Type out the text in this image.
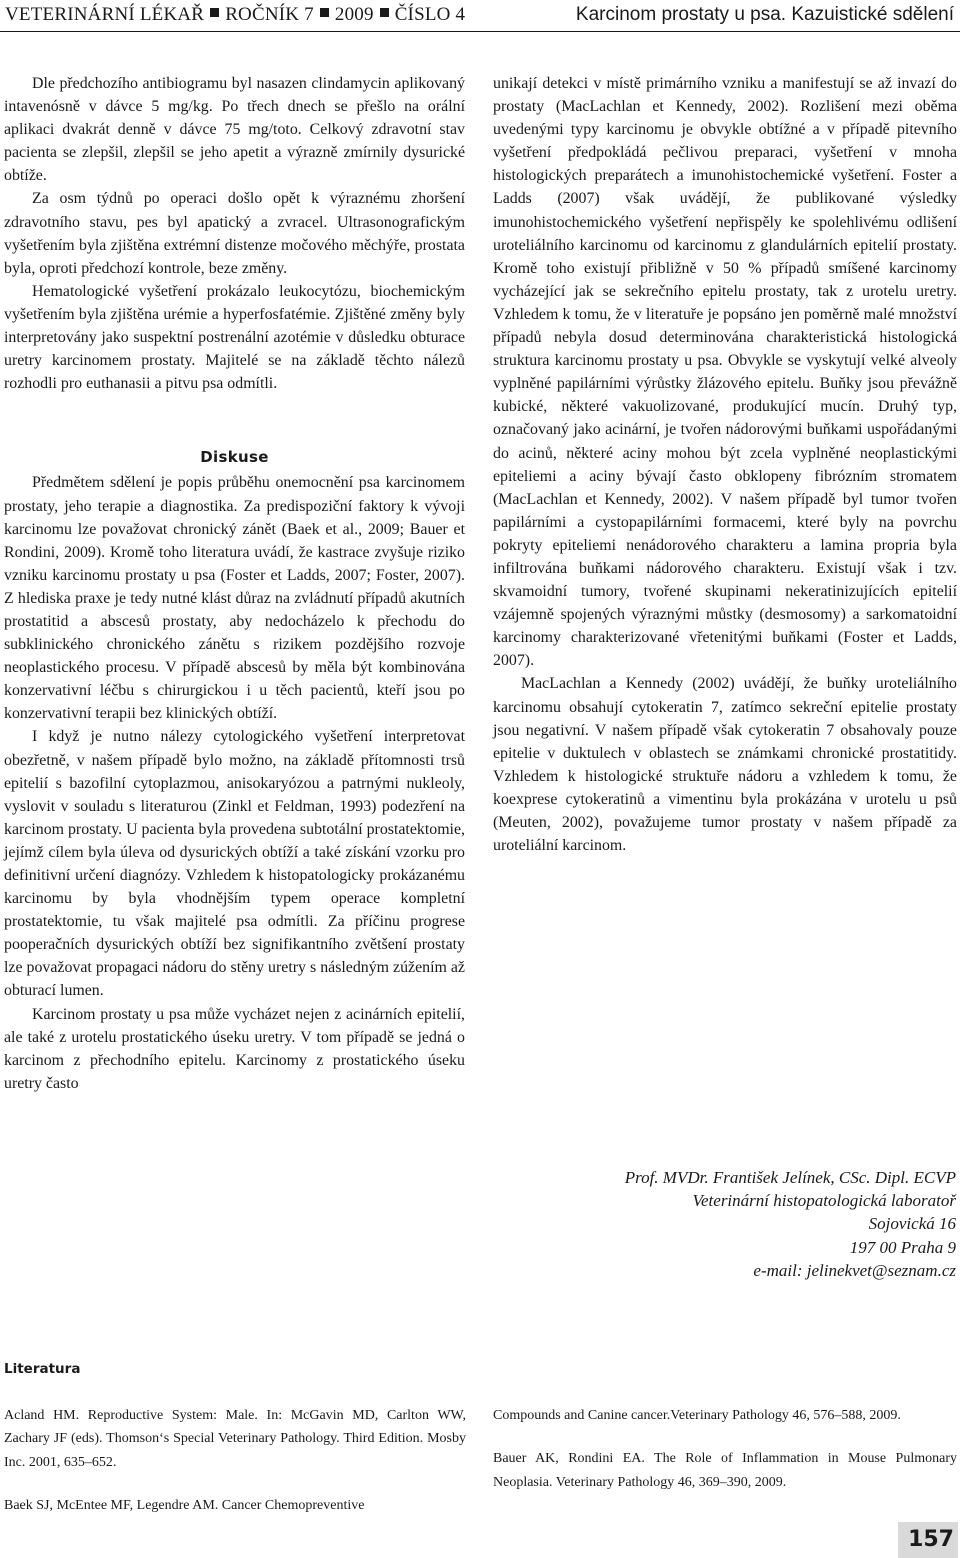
VETERINÁRNÍ LÉKAŘ ROČNÍK 7 2009 ČÍSLO 4	Karcinom prostaty u psa. Kazuistické sdělení

Dle předchozího antibiogramu byl nasazen clindamycin aplikovaný intavenósně v dávce 5 mg/kg. Po třech dnech se přešlo na orální aplikaci dvakrát denně v dávce 75 mg/toto. Celkový zdravotní stav pacienta se zlepšil, zlepšil se jeho apetit a výrazně zmírnily dysurické obtíže.

Za osm týdnů po operaci došlo opět k výraznému zhoršení zdravotního stavu, pes byl apatický a zvracel. Ultrasonografickým vyšetřením byla zjištěna extrémní distenze močového měchýře, prostata byla, oproti předchozí kontrole, beze změny.

Hematologické vyšetření prokázalo leukocytózu, biochemickým vyšetřením byla zjištěna urémie a hyperfosfatémie. Zjištěné změny byly interpretovány jako suspektní postrenální azotémie v důsledku obturace uretry karcinomem prostaty. Majitelé se na základě těchto nálezů rozhodli pro euthanasii a pitvu psa odmítli.

Diskuse

Předmětem sdělení je popis průběhu onemocnění psa karcinomem prostaty, jeho terapie a diagnostika. Za predispoziční faktory k vývoji karcinomu lze považovat chronický zánět (Baek et al., 2009; Bauer et Rondini, 2009). Kromě toho literatura uvádí, že kastrace zvyšuje riziko vzniku karcinomu prostaty u psa (Foster et Ladds, 2007; Foster, 2007). Z hlediska praxe je tedy nutné klást důraz na zvládnutí případů akutních prostatitid a abscesů prostaty, aby nedocházelo k přechodu do subklinického chronického zánětu s rizikem pozdějšího rozvoje neoplastického procesu. V případě abscesů by měla být kombinována konzervativní léčbu s chirurgickou i u těch pacientů, kteří jsou po konzervativní terapii bez klinických obtíží.

I když je nutno nálezy cytologického vyšetření interpretovat obezřetně, v našem případě bylo možno, na základě přítomnosti trsů epitelií s bazofilní cytoplazmou, anisokaryózou a patrnými nukleoly, vyslovit v souladu s literaturou (Zinkl et Feldman, 1993) podezření na karcinom prostaty. U pacienta byla provedena subtotální prostatektomie, jejímž cílem byla úleva od dysurických obtíží a také získání vzorku pro definitivní určení diagnózy. Vzhledem k histopatologicky prokázanému karcinomu by byla vhodnějším typem operace kompletní prostatektomie, tu však majitelé psa odmítli. Za příčinu progrese pooperačních dysurických obtíží bez signifikantního zvětšení prostaty lze považovat propagaci nádoru do stěny uretry s následným zúžením až obturací lumen.

Karcinom prostaty u psa může vycházet nejen z acinárních epitelií, ale také z urotelu prostatického úseku uretry. V tom případě se jedná o karcinom z přechodního epitelu. Karcinomy z prostatického úseku uretry často

unikají detekci v místě primárního vzniku a manifestují se až invazí do prostaty (MacLachlan et Kennedy, 2002). Rozlišení mezi oběma uvedenými typy karcinomu je obvykle obtížné a v případě pitevního vyšetření předpokládá pečlivou preparaci, vyšetření v mnoha histologických preparátech a imunohistochemické vyšetření. Foster a Ladds (2007) však uvádějí, že publikované výsledky imunohistochemického vyšetření nepřispěly ke spolehlivému odlišení uroteliálního karcinomu od karcinomu z glandulárních epitelií prostaty. Kromě toho existují přibližně v 50 % případů smíšené karcinomy vycházející jak se sekrečního epitelu prostaty, tak z urotelu uretry. Vzhledem k tomu, že v literatuře je popsáno jen poměrně malé množství případů nebyla dosud determinována charakteristická histologická struktura karcinomu prostaty u psa. Obvykle se vyskytují velké alveoly vyplněné papilárními výrůstky žlázového epitelu. Buňky jsou převážně kubické, některé vakuolizované, produkující mucín. Druhý typ, označovaný jako acinární, je tvořen nádorovými buňkami uspořádanými do acinů, některé aciny mohou být zcela vyplněné neoplastickými epiteliemi a aciny bývají často obklopeny fibrózním stromatem (MacLachlan et Kennedy, 2002). V našem případě byl tumor tvořen papilárními a cystopapilárními formacemi, které byly na povrchu pokryty epiteliemi nenádorového charakteru a lamina propria byla infiltrována buňkami nádorového charakteru. Existují však i tzv. skvamoidní tumory, tvořené skupinami nekeratinizujících epitelií vzájemně spojených výraznými můstky (desmosomy) a sarkomatoidní karcinomy charakterizované vřetenitými buňkami (Foster et Ladds, 2007).

MacLachlan a Kennedy (2002) uvádějí, že buňky uroteliálního karcinomu obsahují cytokeratin 7, zatímco sekreční epitelie prostaty jsou negativní. V našem případě však cytokeratin 7 obsahovaly pouze epitelie v duktulech v oblastech se známkami chronické prostatitidy. Vzhledem k histologické struktuře nádoru a vzhledem k tomu, že koexprese cytokeratinů a vimentinu byla prokázána v urotelu u psů (Meuten, 2002), považujeme tumor prostaty v našem případě za uroteliální karcinom.

Prof. MVDr. František Jelínek, CSc. Dipl. ECVP
Veterinární histopatologická laboratoř
Sojovická 16
197 00 Praha 9
e-mail: jelinekvet@seznam.cz
Literatura

Acland HM. Reproductive System: Male. In: McGavin MD, Carlton WW, Zachary JF (eds). Thomson‘s Special Veterinary Pathology. Third Edition. Mosby Inc. 2001, 635–652.

Baek SJ, McEntee MF, Legendre AM. Cancer Chemopreventive

Compounds and Canine cancer.Veterinary Pathology 46, 576–588, 2009.

Bauer AK, Rondini EA. The Role of Inflammation in Mouse Pulmonary Neoplasia. Veterinary Pathology 46, 369–390, 2009.

157
